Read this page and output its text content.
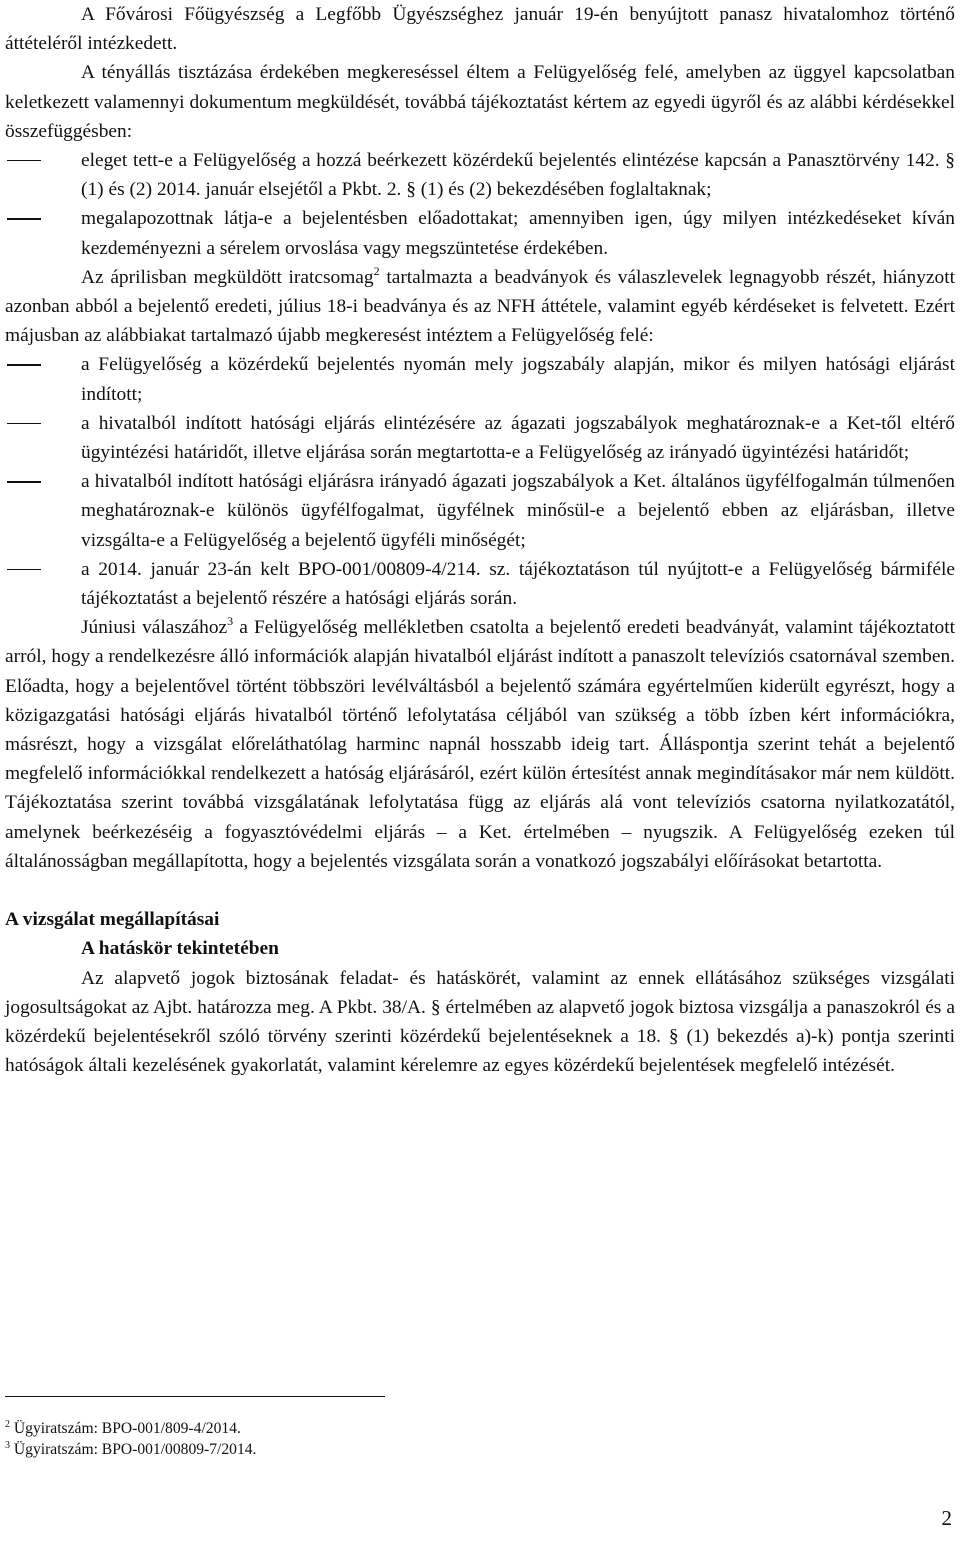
A Fővárosi Főügyészség a Legfőbb Ügyészséghez január 19-én benyújtott panasz hivatalomhoz történő áttételéről intézkedett.

A tényállás tisztázása érdekében megkereséssel éltem a Felügyelőség felé, amelyben az üggyel kapcsolatban keletkezett valamennyi dokumentum megküldését, továbbá tájékoztatást kértem az egyedi ügyről és az alábbi kérdésekkel összefüggésben:

eleget tett-e a Felügyelőség a hozzá beérkezett közérdekű bejelentés elintézése kapcsán a Panasztörvény 142. § (1) és (2) 2014. január elsejétől a Pkbt. 2. § (1) és (2) bekezdésében foglaltaknak;
megalapozottnak látja-e a bejelentésben előadottakat; amennyiben igen, úgy milyen intézkedéseket kíván kezdeményezni a sérelem orvoslása vagy megszüntetése érdekében.

Az áprilisban megküldött iratcsomag$^2$ tartalmazta a beadványok és válaszlevelek legnagyobb részét, hiányzott azonban abból a bejelentő eredeti, július 18-i beadványa és az NFH áttétele, valamint egyéb kérdéseket is felvetett. Ezért májusban az alábbiakat tartalmazó újabb megkeresést intéztem a Felügyelőség felé:

a Felügyelőség a közérdekű bejelentés nyomán mely jogszabály alapján, mikor és milyen hatósági eljárást indított;
a hivatalból indított hatósági eljárás elintézésére az ágazati jogszabályok meghatároznak-e a Ket-től eltérő ügyintézési határidőt, illetve eljárása során megtartotta-e a Felügyelőség az irányadó ügyintézési határidőt;
a hivatalból indított hatósági eljárásra irányadó ágazati jogszabályok a Ket. általános ügyfélfogalmán túlmenően meghatároznak-e különös ügyfélfogalmat, ügyfélnek minősül-e a bejelentő ebben az eljárásban, illetve vizsgálta-e a Felügyelőség a bejelentő ügyféli minőségét;
a 2014. január 23-án kelt BPO-001/00809-4/214. sz. tájékoztatáson túl nyújtott-e a Felügyelőség bármiféle tájékoztatást a bejelentő részére a hatósági eljárás során.

Júniusi válaszához$^3$ a Felügyelőség mellékletben csatolta a bejelentő eredeti beadványát, valamint tájékoztatott arról, hogy a rendelkezésre álló információk alapján hivatalból eljárást indított a panaszolt televíziós csatornával szemben. Előadta, hogy a bejelentővel történt többszöri levélváltásból a bejelentő számára egyértelműen kiderült egyrészt, hogy a közigazgatási hatósági eljárás hivatalból történő lefolytatása céljából van szükség a több ízben kért információkra, másrészt, hogy a vizsgálat előreláthatólag harminc napnál hosszabb ideig tart. Álláspontja szerint tehát a bejelentő megfelelő információkkal rendelkezett a hatóság eljárásáról, ezért külön értesítést annak megindításakor már nem küldött. Tájékoztatása szerint továbbá vizsgálatának lefolytatása függ az eljárás alá vont televíziós csatorna nyilatkozatától, amelynek beérkezéséig a fogyasztóvédelmi eljárás – a Ket. értelmében – nyugszik. A Felügyelőség ezeken túl általánosságban megállapította, hogy a bejelentés vizsgálata során a vonatkozó jogszabályi előírásokat betartotta.

A vizsgálat megállapításai

A hatáskör tekintetében

Az alapvető jogok biztosának feladat- és hatáskörét, valamint az ennek ellátásához szükséges vizsgálati jogosultságokat az Ajbt. határozza meg. A Pkbt. 38/A. § értelmében az alapvető jogok biztosa vizsgálja a panaszokról és a közérdekű bejelentésekről szóló törvény szerinti közérdekű bejelentéseknek a 18. § (1) bekezdés a)-k) pontja szerinti hatóságok általi kezelésének gyakorlatát, valamint kérelemre az egyes közérdekű bejelentések megfelelő intézését.

$^2$ Ügyiratszám: BPO-001/809-4/2014.

$^3$ Ügyiratszám: BPO-001/00809-7/2014.

2
